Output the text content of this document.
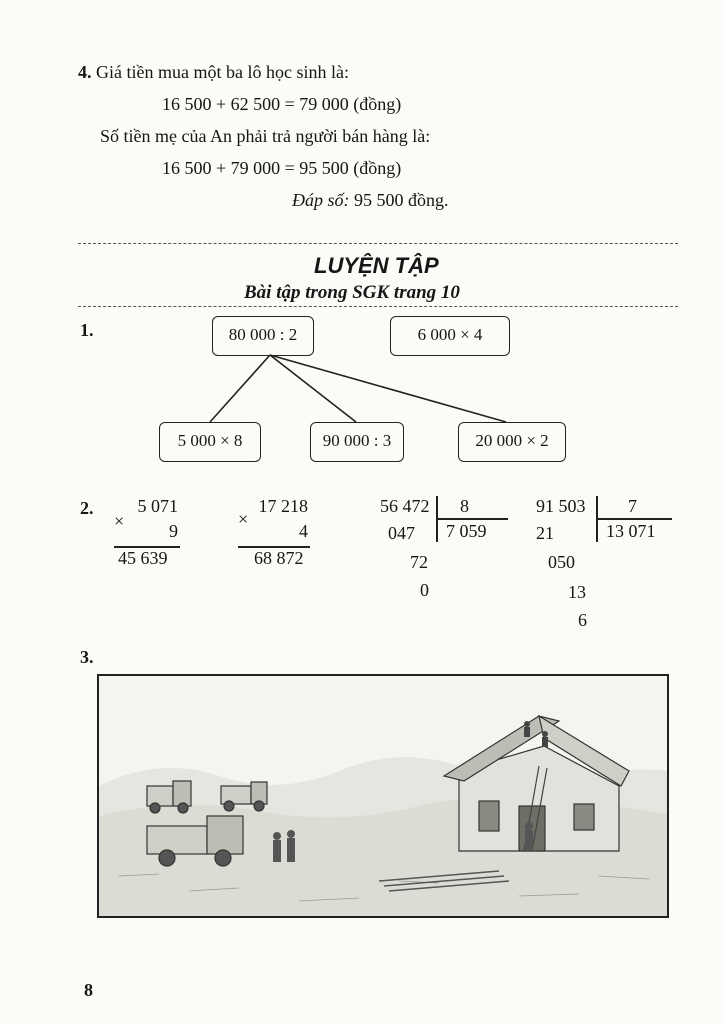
4. Giá tiền mua một ba lô học sinh là:
16 500 + 62 500 = 79 000 (đồng)
Số tiền mẹ của An phải trả người bán hàng là:
16 500 + 79 000 = 95 500 (đồng)
Đáp số: 95 500 đồng.
LUYỆN TẬP
Bài tập trong SGK trang 10
1.	80 000 : 2	6 000 × 4
5 000 × 8	90 000 : 3	20 000 × 2
2.	5 071
×	9
45 639
17 218
×
4
68 872
56 472 8
7 059
047
72
0
91 503 7
13 071
21
050
13
6
3.
8
